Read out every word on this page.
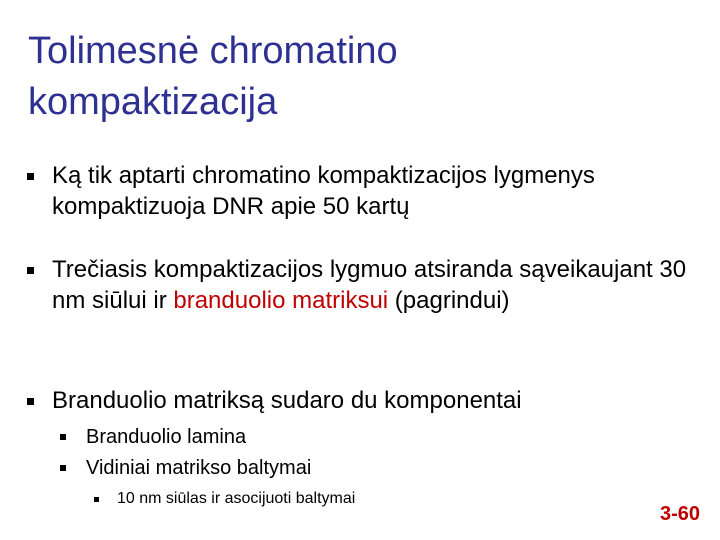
Tolimesnė chromatino
kompaktizacija
Ką tik aptarti chromatino kompaktizacijos lygmenys kompaktizuoja DNR apie 50 kartų
Trečiasis kompaktizacijos lygmuo atsiranda sąveikaujant 30 nm siūlui ir branduolio matriksui (pagrindui)
Branduolio matriksą sudaro du komponentai
Branduolio lamina
Vidiniai matrikso baltymai
10 nm siūlas ir asocijuoti baltymai
3-60
